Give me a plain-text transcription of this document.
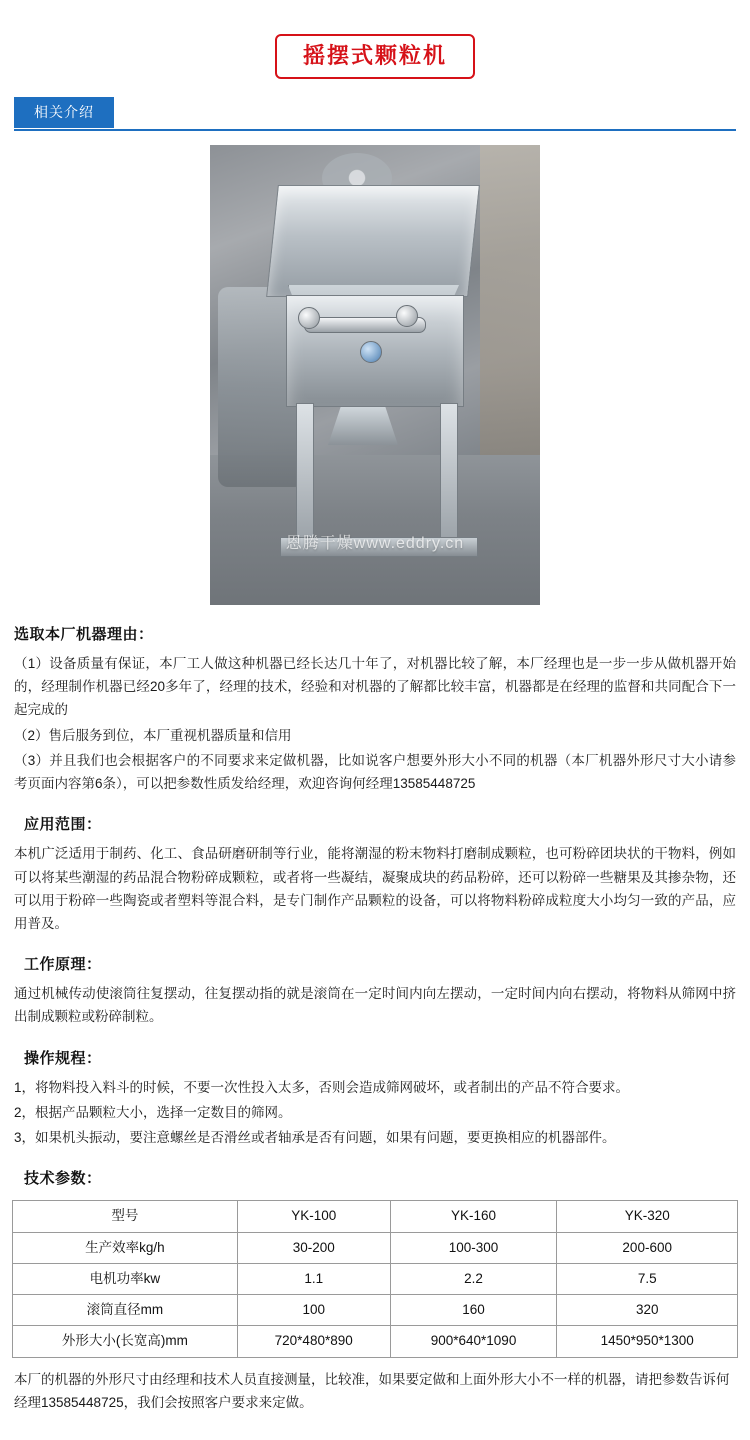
摇摆式颗粒机
相关介绍
恩腾干燥www.eddry.cn
选取本厂机器理由：

（1）设备质量有保证，本厂工人做这种机器已经长达几十年了，对机器比较了解，本厂经理也是一步一步从做机器开始的，经理制作机器已经20多年了，经理的技术，经验和对机器的了解都比较丰富，机器都是在经理的监督和共同配合下一起完成的

（2）售后服务到位，本厂重视机器质量和信用

（3）并且我们也会根据客户的不同要求来定做机器，比如说客户想要外形大小不同的机器（本厂机器外形尺寸大小请参考页面内容第6条），可以把参数性质发给经理，欢迎咨询何经理13585448725

应用范围：

本机广泛适用于制药、化工、食品研磨研制等行业，能将潮湿的粉末物料打磨制成颗粒，也可粉碎团块状的干物料，例如可以将某些潮湿的药品混合物粉碎成颗粒，或者将一些凝结，凝聚成块的药品粉碎，还可以粉碎一些糖果及其掺杂物，还可以用于粉碎一些陶瓷或者塑料等混合料，是专门制作产品颗粒的设备，可以将物料粉碎成粒度大小均匀一致的产品，应用普及。

工作原理：

通过机械传动使滚筒往复摆动，往复摆动指的就是滚筒在一定时间内向左摆动，一定时间内向右摆动，将物料从筛网中挤出制成颗粒或粉碎制粒。

操作规程：

1，将物料投入料斗的时候，不要一次性投入太多，否则会造成筛网破坏，或者制出的产品不符合要求。

2，根据产品颗粒大小，选择一定数目的筛网。

3，如果机头振动，要注意螺丝是否滑丝或者轴承是否有问题，如果有问题，要更换相应的机器部件。

技术参数：
型号	YK-100	YK-160	YK-320
生产效率kg/h	30-200	100-300	200-600
电机功率kw	1.1	2.2	7.5
滚筒直径mm	100	160	320
外形大小(长宽高)mm	720*480*890	900*640*1090	1450*950*1300
本厂的机器的外形尺寸由经理和技术人员直接测量，比较准，如果要定做和上面外形大小不一样的机器，请把参数告诉何经理13585448725，我们会按照客户要求来定做。
